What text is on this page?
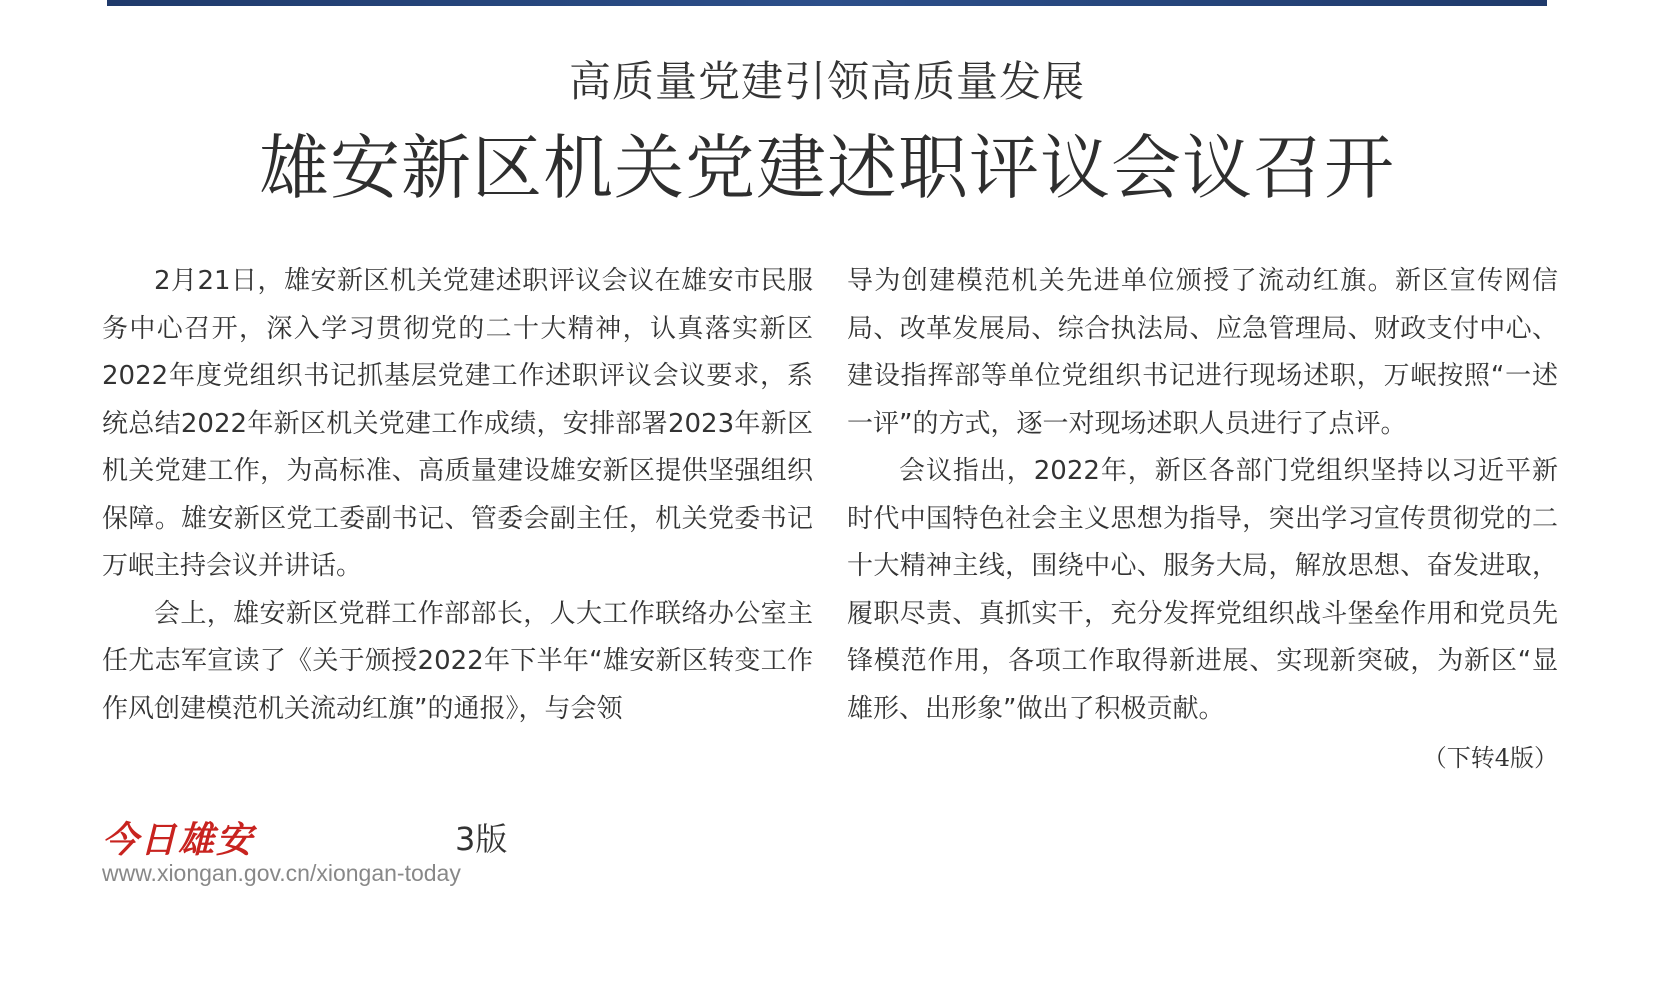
高质量党建引领高质量发展
雄安新区机关党建述职评议会议召开

2月21日，雄安新区机关党建述职评议会议在雄安市民服务中心召开，深入学习贯彻党的二十大精神，认真落实新区2022年度党组织书记抓基层党建工作述职评议会议要求，系统总结2022年新区机关党建工作成绩，安排部署2023年新区机关党建工作，为高标准、高质量建设雄安新区提供坚强组织保障。雄安新区党工委副书记、管委会副主任，机关党委书记万岷主持会议并讲话。

会上，雄安新区党群工作部部长，人大工作联络办公室主任尤志军宣读了《关于颁授2022年下半年“雄安新区转变工作作风创建模范机关流动红旗”的通报》，与会领

导为创建模范机关先进单位颁授了流动红旗。新区宣传网信局、改革发展局、综合执法局、应急管理局、财政支付中心、建设指挥部等单位党组织书记进行现场述职，万岷按照“一述一评”的方式，逐一对现场述职人员进行了点评。

会议指出，2022年，新区各部门党组织坚持以习近平新时代中国特色社会主义思想为指导，突出学习宣传贯彻党的二十大精神主线，围绕中心、服务大局，解放思想、奋发进取，履职尽责、真抓实干，充分发挥党组织战斗堡垒作用和党员先锋模范作用，各项工作取得新进展、实现新突破，为新区“显雄形、出形象”做出了积极贡献。

（下转4版）
今日雄安	3版
www.xiongan.gov.cn/xiongan-today
